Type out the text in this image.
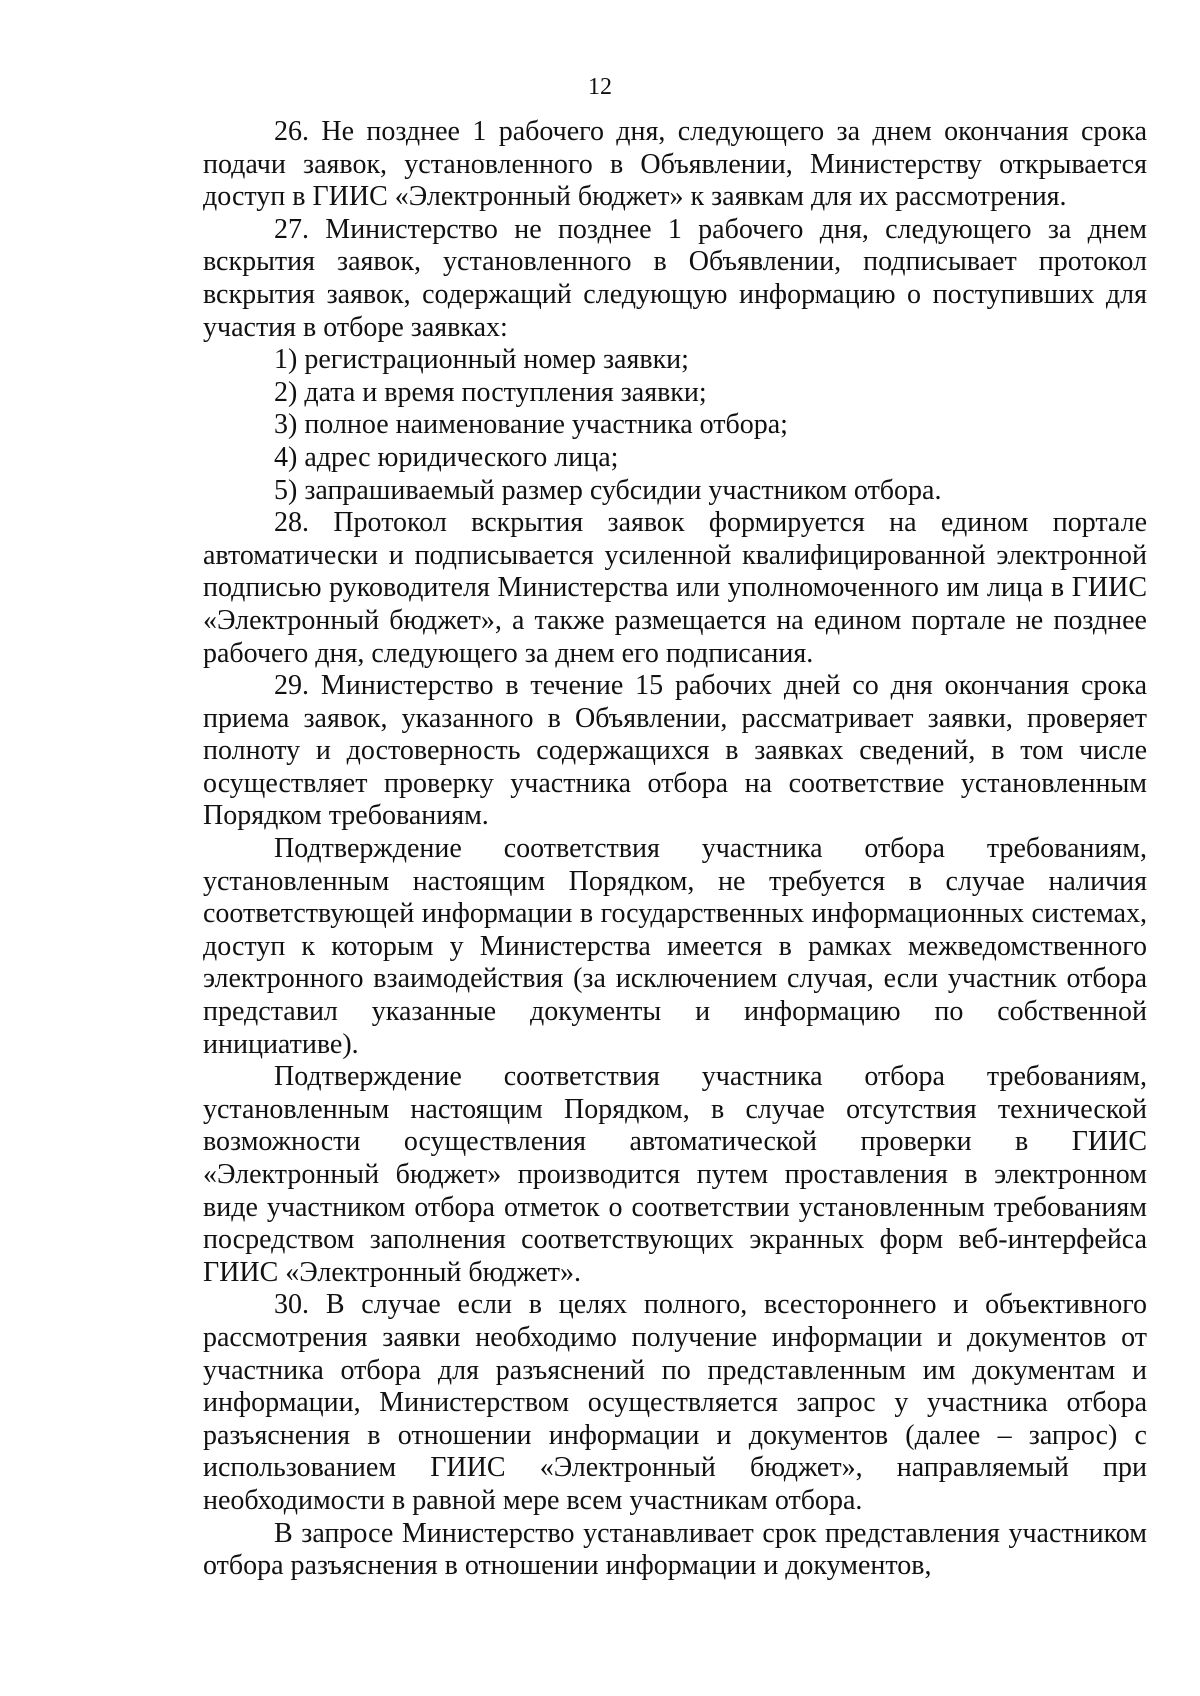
12

26. Не позднее 1 рабочего дня, следующего за днем окончания срока подачи заявок, установленного в Объявлении, Министерству открывается доступ в ГИИС «Электронный бюджет» к заявкам для их рассмотрения.

27. Министерство не позднее 1 рабочего дня, следующего за днем вскрытия заявок, установленного в Объявлении, подписывает протокол вскрытия заявок, содержащий следующую информацию о поступивших для участия в отборе заявках:

1) регистрационный номер заявки;

2) дата и время поступления заявки;

3) полное наименование участника отбора;

4) адрес юридического лица;

5) запрашиваемый размер субсидии участником отбора.

28. Протокол вскрытия заявок формируется на едином портале автоматически и подписывается усиленной квалифицированной электронной подписью руководителя Министерства или уполномоченного им лица в ГИИС «Электронный бюджет», а также размещается на едином портале не позднее рабочего дня, следующего за днем его подписания.

29. Министерство в течение 15 рабочих дней со дня окончания срока приема заявок, указанного в Объявлении, рассматривает заявки, проверяет полноту и достоверность содержащихся в заявках сведений, в том числе осуществляет проверку участника отбора на соответствие установленным Порядком требованиям.

Подтверждение соответствия участника отбора требованиям, установленным настоящим Порядком, не требуется в случае наличия соответствующей информации в государственных информационных системах, доступ к которым у Министерства имеется в рамках межведомственного электронного взаимодействия (за исключением случая, если участник отбора представил указанные документы и информацию по собственной инициативе).

Подтверждение соответствия участника отбора требованиям, установленным настоящим Порядком, в случае отсутствия технической возможности осуществления автоматической проверки в ГИИС «Электронный бюджет» производится путем проставления в электронном виде участником отбора отметок о соответствии установленным требованиям посредством заполнения соответствующих экранных форм веб-интерфейса ГИИС «Электронный бюджет».

30. В случае если в целях полного, всестороннего и объективного рассмотрения заявки необходимо получение информации и документов от участника отбора для разъяснений по представленным им документам и информации, Министерством осуществляется запрос у участника отбора разъяснения в отношении информации и документов (далее – запрос) с использованием ГИИС «Электронный бюджет», направляемый при необходимости в равной мере всем участникам отбора.

В запросе Министерство устанавливает срок представления участником отбора разъяснения в отношении информации и документов,
